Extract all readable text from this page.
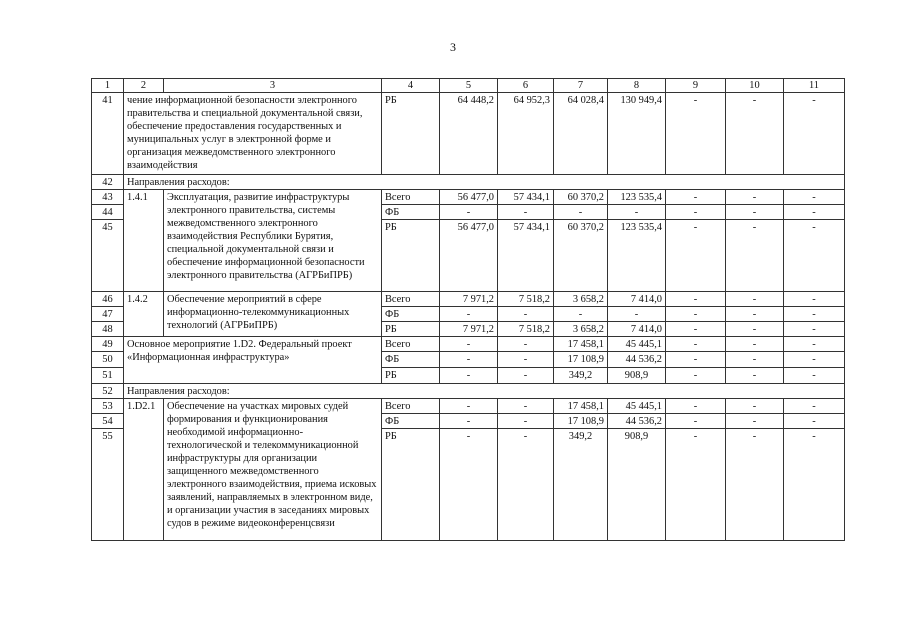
3
1	2	3	4	5	6	7	8	9	10	11
41	чение информационной безопасности электронного правительства и специальной документальной связи, обеспечение предоставления государственных и муниципальных услуг в электронной форме и организация межведомственного электронного взаимодействия		РБ	64 448,2	64 952,3	64 028,4	130 949,4	-	-	-
42	Направления расходов:									
43	1.4.1	Эксплуатация, развитие инфраструктуры электронного правительства, системы межведомственного электронного взаимодействия Республики Бурятия, специальной документальной связи и обеспечение информационной безопасности электронного правительства (АГРБиПРБ)	Всего	56 477,0	57 434,1	60 370,2	123 535,4	-	-	-
44			ФБ	-	-	-	-	-	-	-
45			РБ	56 477,0	57 434,1	60 370,2	123 535,4	-	-	-
46	1.4.2	Обеспечение мероприятий в сфере информационно-телекоммуникационных технологий (АГРБиПРБ)	Всего	7 971,2	7 518,2	3 658,2	7 414,0	-	-	-
47			ФБ	-	-	-	-	-	-	-
48			РБ	7 971,2	7 518,2	3 658,2	7 414,0	-	-	-
49	Основное мероприятие 1.D2. Федеральный проект «Информационная инфраструктура»		Всего	-	-	17 458,1	45 445,1	-	-	-
50			ФБ	-	-	17 108,9	44 536,2	-	-	-
51			РБ	-	-	349,2	908,9	-	-	-
52	Направления расходов:									
53	1.D2.1	Обеспечение на участках мировых судей формирования и функционирования необходимой информационно-технологической и телекоммуникационной инфраструктуры для организации защищенного межведомственного электронного взаимодействия, приема исковых заявлений, направляемых в электронном виде, и организации участия в заседаниях мировых судов в режиме видеоконференцсвязи	Всего	-	-	17 458,1	45 445,1	-	-	-
54			ФБ	-	-	17 108,9	44 536,2	-	-	-
55			РБ	-	-	349,2	908,9	-	-	-
